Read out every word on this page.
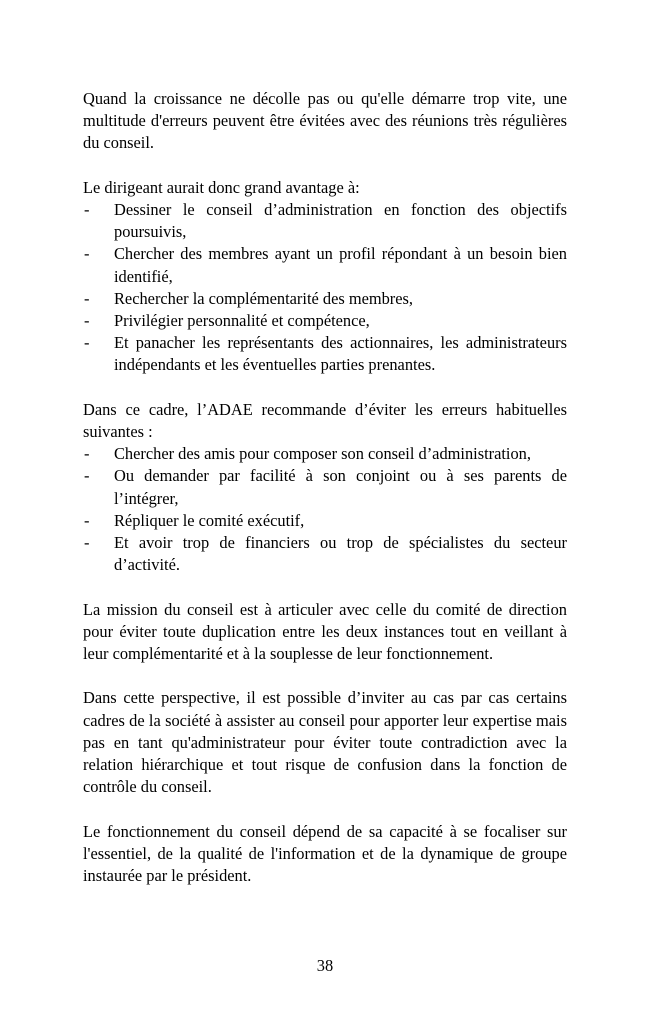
Quand la croissance ne décolle pas ou qu'elle démarre trop vite, une multitude d'erreurs peuvent être évitées avec des réunions très régulières du conseil.

Le dirigeant aurait donc grand avantage à:

-	Dessiner le conseil d’administration en fonction des objectifs poursuivis,
-	Chercher des membres ayant un profil répondant à un besoin bien identifié,
-	Rechercher la complémentarité des membres,
-	Privilégier personnalité et compétence,
-	Et panacher les représentants des actionnaires, les administrateurs indépendants et les éventuelles parties prenantes.

Dans ce cadre, l’ADAE recommande d’éviter les erreurs habituelles suivantes :

-	Chercher des amis pour composer son conseil d’administration,
-	Ou demander par facilité à son conjoint ou à ses parents de l’intégrer,
-	Répliquer le comité exécutif,
-	Et avoir trop de financiers ou trop de spécialistes du secteur d’activité.

La mission du conseil est à articuler avec celle du comité de direction pour éviter toute duplication entre les deux instances tout en veillant à leur complémentarité et à la souplesse de leur fonctionnement.

Dans cette perspective, il est possible d’inviter au cas par cas certains cadres de la société à assister au conseil pour apporter leur expertise mais pas en tant qu'administrateur pour éviter toute contradiction avec la relation hiérarchique et tout risque de confusion dans la fonction de contrôle du conseil.

Le fonctionnement du conseil dépend de sa capacité à se focaliser sur l'essentiel, de la qualité de l'information et de la dynamique de groupe instaurée par le président.

38
